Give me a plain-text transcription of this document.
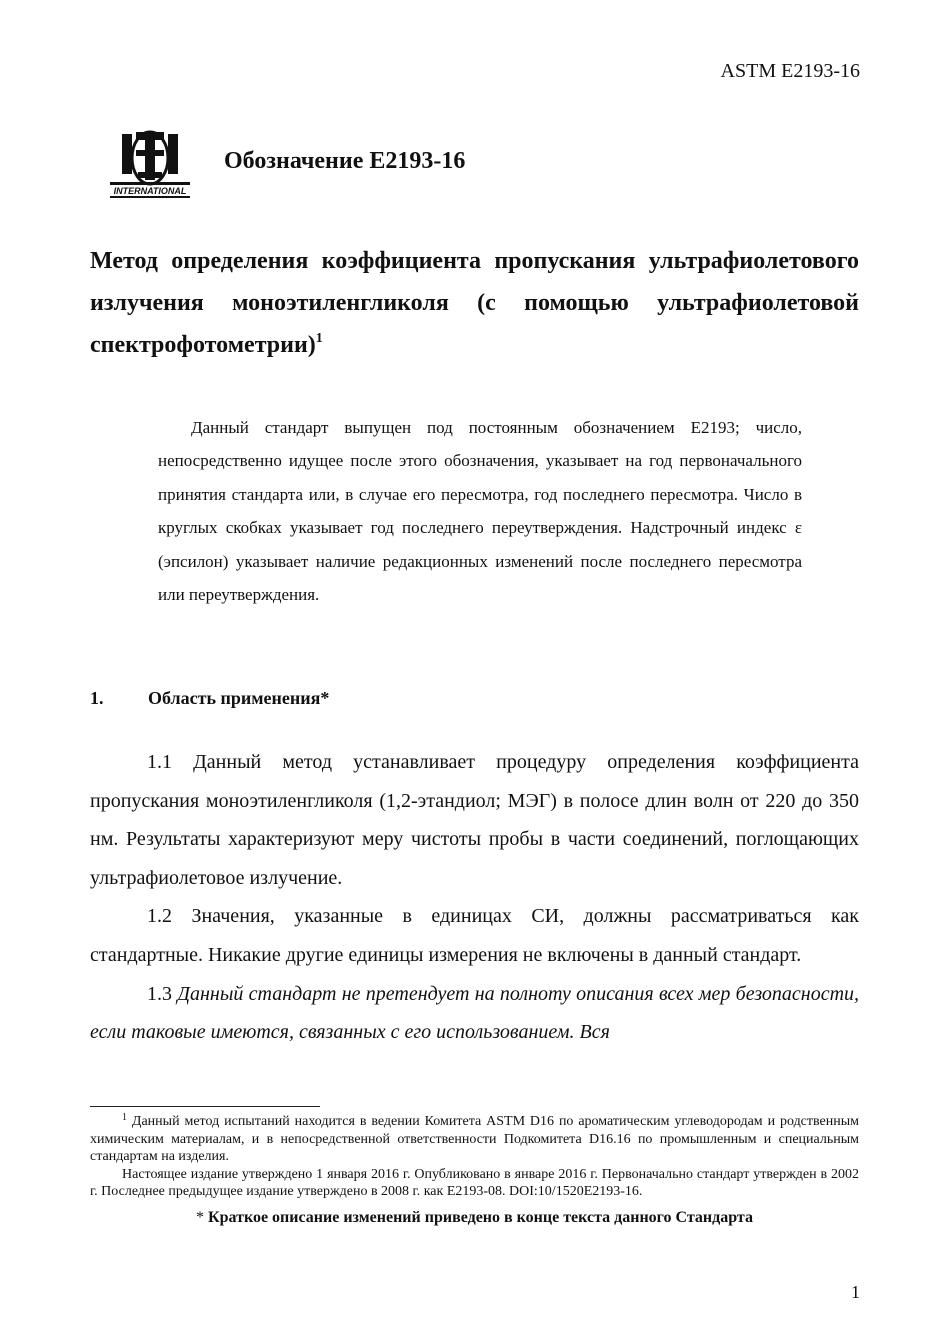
ASTM E2193-16
INTERNATIONAL
Обозначение E2193-16

Метод определения коэффициента пропускания ультрафиолетового излучения моноэтиленгликоля (с помощью ультрафиолетовой спектрофотометрии)$^1$

Данный стандарт выпущен под постоянным обозначением E2193; число, непосредственно идущее после этого обозначения, указывает на год первоначального принятия стандарта или, в случае его пересмотра, год последнего пересмотра. Число в круглых скобках указывает год последнего переутверждения. Надстрочный индекс ε (эпсилон) указывает наличие редакционных изменений после последнего пересмотра или переутверждения.

1. Область применения*

1.1 Данный метод устанавливает процедуру определения коэффициента пропускания моноэтиленгликоля (1,2-этандиол; МЭГ) в полосе длин волн от 220 до 350 нм. Результаты характеризуют меру чистоты пробы в части соединений, поглощающих ультрафиолетовое излучение.

1.2 Значения, указанные в единицах СИ, должны рассматриваться как стандартные. Никакие другие единицы измерения не включены в данный стандарт.

1.3 Данный стандарт не претендует на полноту описания всех мер безопасности, если таковые имеются, связанных с его использованием. Вся

$^1$ Данный метод испытаний находится в ведении Комитета ASTM D16 по ароматическим углеводородам и родственным химическим материалам, и в непосредственной ответственности Подкомитета D16.16 по промышленным и специальным стандартам на изделия.

Настоящее издание утверждено 1 января 2016 г. Опубликовано в январе 2016 г. Первоначально стандарт утвержден в 2002 г. Последнее предыдущее издание утверждено в 2008 г. как E2193-08. DOI:10/1520E2193-16.

* Краткое описание изменений приведено в конце текста данного Стандарта
1
